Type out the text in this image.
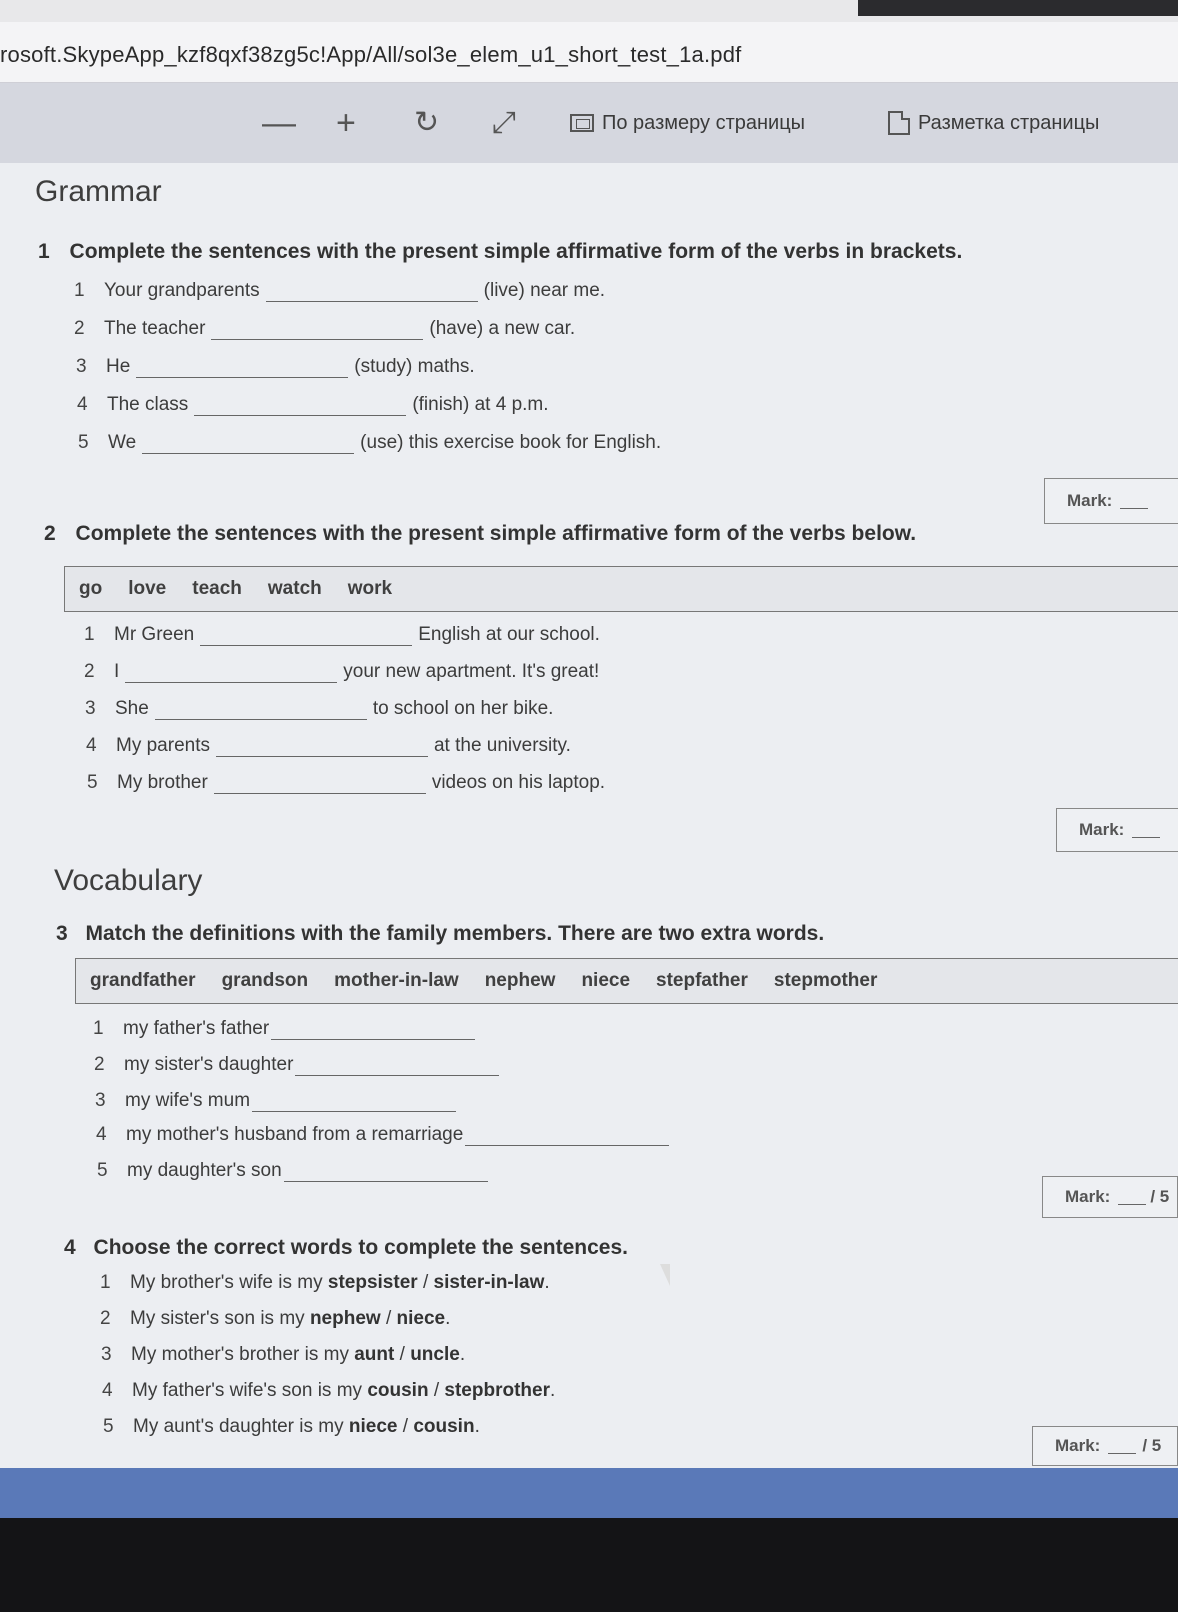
rosoft.SkypeApp_kzf8qxf38zg5c!App/All/sol3e_elem_u1_short_test_1a.pdf
— + ↻ ⤢	По размеру страницы	Разметка страницы
Grammar
1 Complete the sentences with the present simple affirmative form of the verbs in brackets.
1	Your grandparents	(live) near me.
2	The teacher	(have) a new car.
3	He	(study) maths.
4	The class	(finish) at 4 p.m.
5	We	(use) this exercise book for English.
Mark:
2 Complete the sentences with the present simple affirmative form of the verbs below.
go love teach watch work
1	Mr Green	English at our school.
2	I	your new apartment. It's great!
3	She	to school on her bike.
4	My parents	at the university.
5	My brother	videos on his laptop.
Mark:
Vocabulary
3 Match the definitions with the family members. There are two extra words.
grandfather grandson mother-in-law nephew niece stepfather stepmother
1	my father's father
2	my sister's daughter
3	my wife's mum
4	my mother's husband from a remarriage
5	my daughter's son
Mark: / 5
4 Choose the correct words to complete the sentences.
1	My brother's wife is my
stepsister / sister-in-law .
2	My sister's son is my
nephew / niece .
3	My mother's brother is my
aunt / uncle .
4	My father's wife's son is my
cousin / stepbrother .
5	My aunt's daughter is my
niece / cousin .
Mark: / 5
